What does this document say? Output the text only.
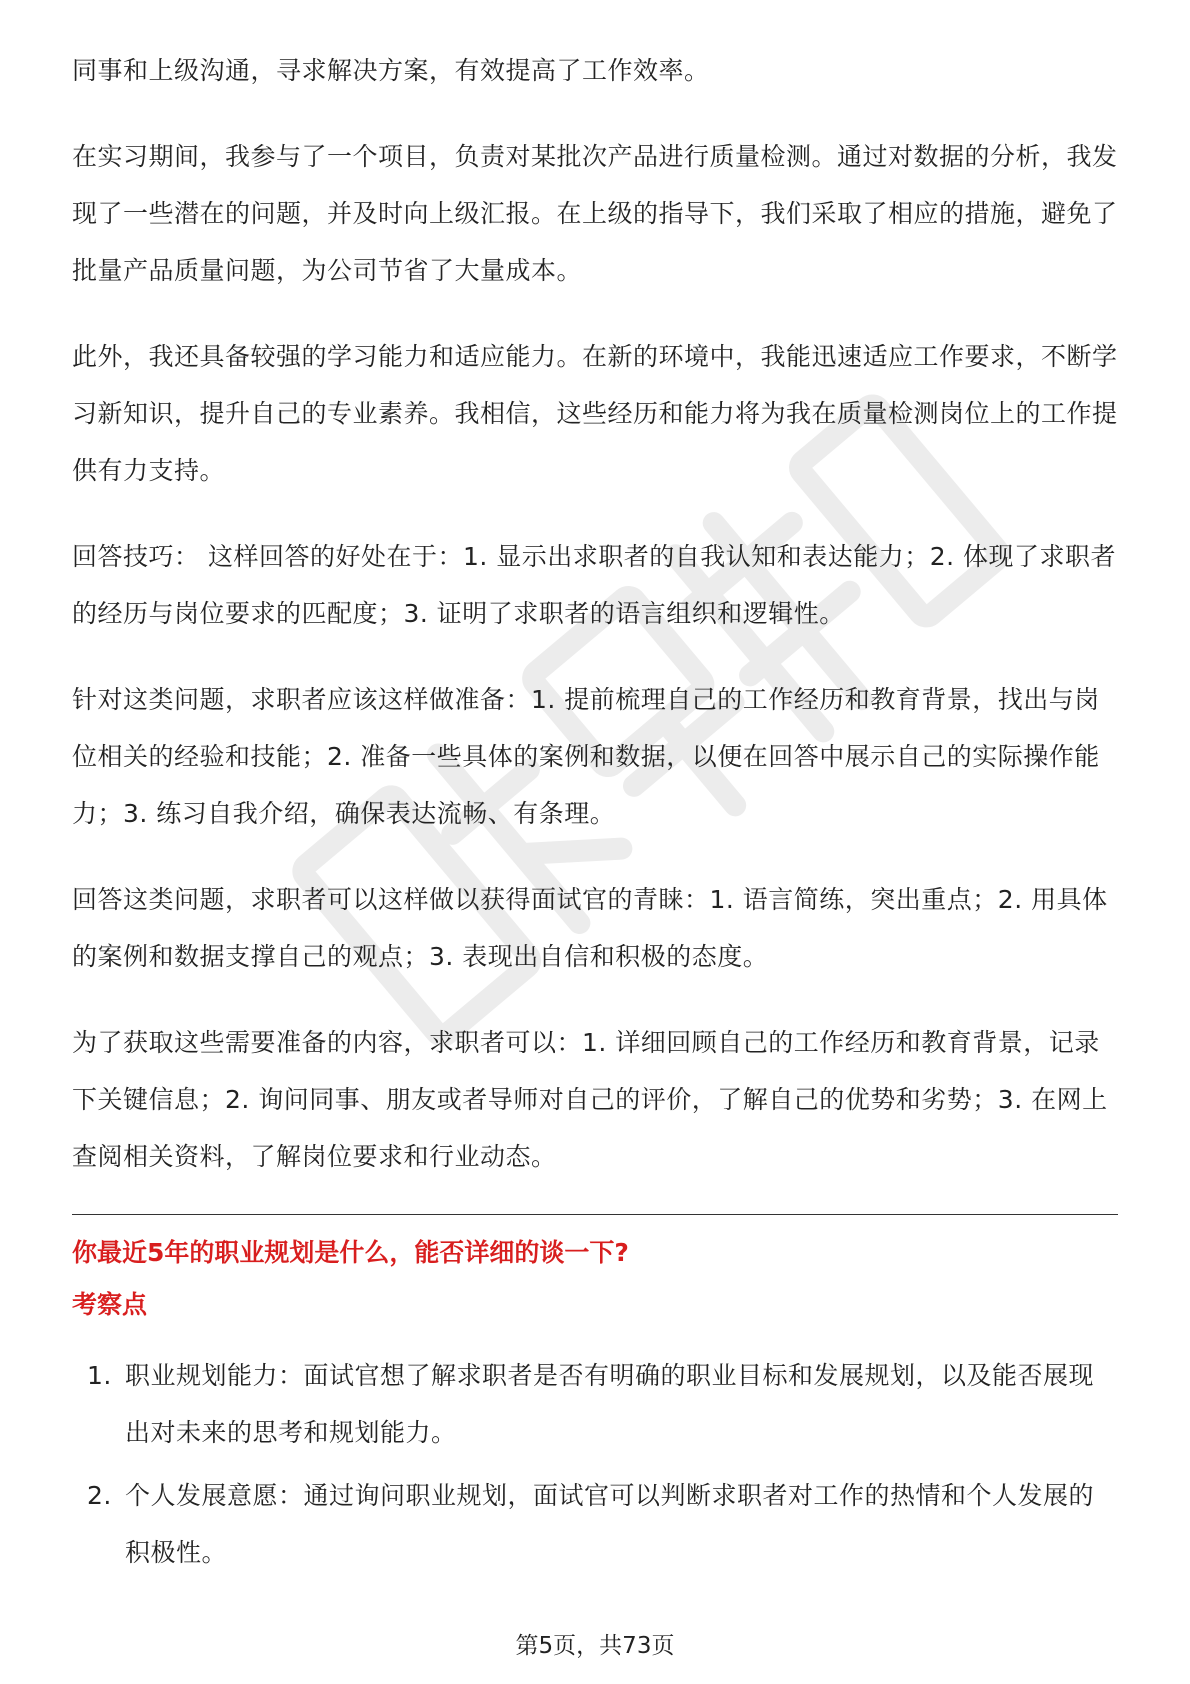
同事和上级沟通，寻求解决方案，有效提高了工作效率。

在实习期间，我参与了一个项目，负责对某批次产品进行质量检测。通过对数据的分析，我发现了一些潜在的问题，并及时向上级汇报。在上级的指导下，我们采取了相应的措施，避免了批量产品质量问题，为公司节省了大量成本。

此外，我还具备较强的学习能力和适应能力。在新的环境中，我能迅速适应工作要求，不断学习新知识，提升自己的专业素养。我相信，这些经历和能力将为我在质量检测岗位上的工作提供有力支持。

回答技巧： 这样回答的好处在于：1. 显示出求职者的自我认知和表达能力；2. 体现了求职者的经历与岗位要求的匹配度；3. 证明了求职者的语言组织和逻辑性。

针对这类问题，求职者应该这样做准备：1. 提前梳理自己的工作经历和教育背景，找出与岗位相关的经验和技能；2. 准备一些具体的案例和数据，以便在回答中展示自己的实际操作能力；3. 练习自我介绍，确保表达流畅、有条理。

回答这类问题，求职者可以这样做以获得面试官的青睐：1. 语言简练，突出重点；2. 用具体的案例和数据支撑自己的观点；3. 表现出自信和积极的态度。

为了获取这些需要准备的内容，求职者可以：1. 详细回顾自己的工作经历和教育背景，记录下关键信息；2. 询问同事、朋友或者导师对自己的评价，了解自己的优势和劣势；3. 在网上查阅相关资料，了解岗位要求和行业动态。

你最近5年的职业规划是什么，能否详细的谈一下?

考察点

1. 职业规划能力：面试官想了解求职者是否有明确的职业目标和发展规划，以及能否展现出对未来的思考和规划能力。
2. 个人发展意愿：通过询问职业规划，面试官可以判断求职者对工作的热情和个人发展的积极性。
第5页，共73页
